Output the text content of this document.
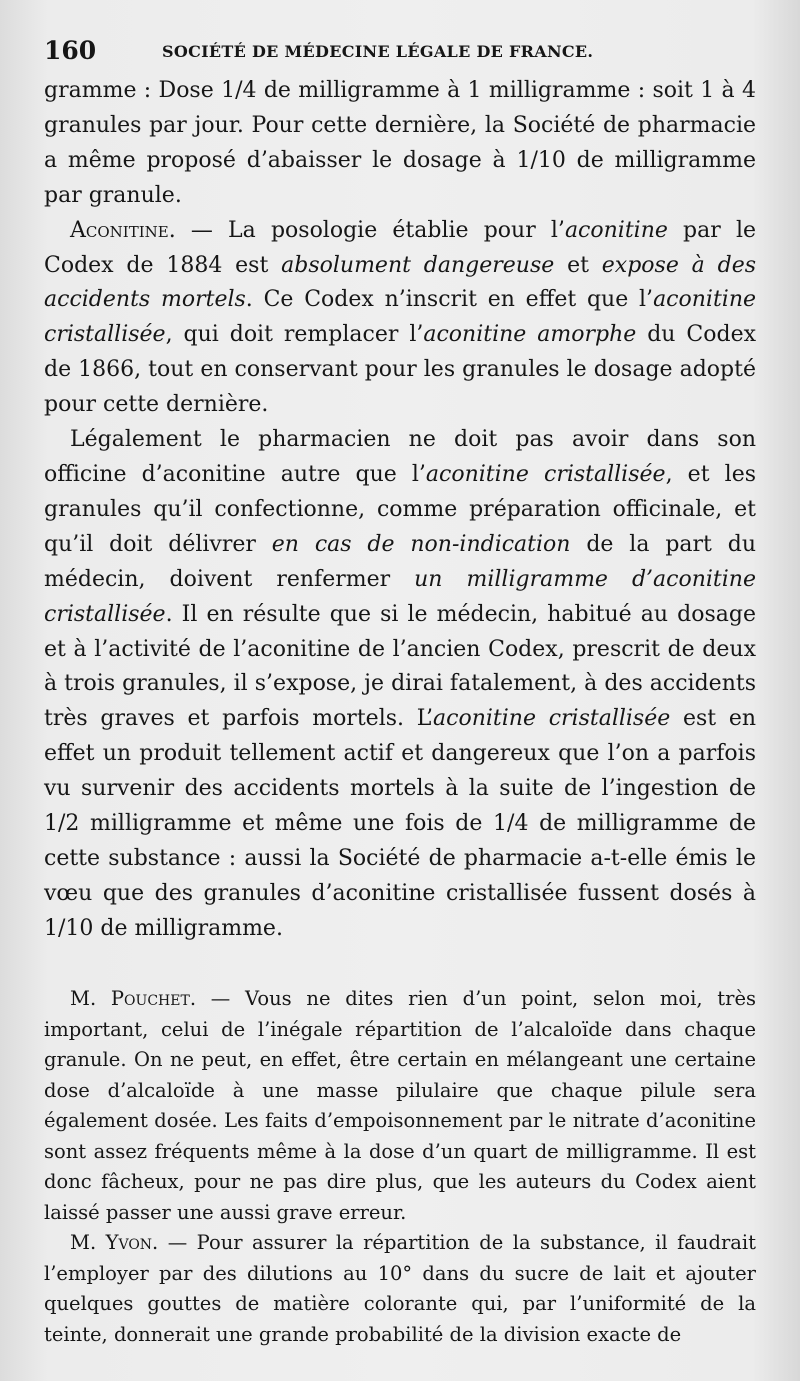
160	SOCIÉTÉ DE MÉDECINE LÉGALE DE FRANCE.

gramme : Dose 1/4 de milligramme à 1 milligramme : soit 1 à 4 granules par jour. Pour cette dernière, la Société de pharmacie a même proposé d’abaisser le dosage à 1/10 de milligramme par granule.

Aconitine. — La posologie établie pour l’aconitine par le Codex de 1884 est absolument dangereuse et expose à des accidents mortels. Ce Codex n’inscrit en effet que l’aconitine cristallisée, qui doit remplacer l’aconitine amorphe du Codex de 1866, tout en conservant pour les granules le dosage adopté pour cette dernière.

Légalement le pharmacien ne doit pas avoir dans son officine d’aconitine autre que l’aconitine cristallisée, et les granules qu’il confectionne, comme préparation officinale, et qu’il doit délivrer en cas de non-indication de la part du médecin, doivent renfermer un milligramme d’aconitine cristallisée. Il en résulte que si le médecin, habitué au dosage et à l’activité de l’aconitine de l’ancien Codex, prescrit de deux à trois granules, il s’expose, je dirai fatalement, à des accidents très graves et parfois mortels. L’aconitine cristallisée est en effet un produit tellement actif et dangereux que l’on a parfois vu survenir des accidents mortels à la suite de l’ingestion de 1/2 milligramme et même une fois de 1/4 de milligramme de cette substance : aussi la Société de pharmacie a-t-elle émis le vœu que des granules d’aconitine cristallisée fussent dosés à 1/10 de milligramme.

M. Pouchet. — Vous ne dites rien d’un point, selon moi, très important, celui de l’inégale répartition de l’alcaloïde dans chaque granule. On ne peut, en effet, être certain en mélangeant une certaine dose d’alcaloïde à une masse pilulaire que chaque pilule sera également dosée. Les faits d’empoisonnement par le nitrate d’aconitine sont assez fréquents même à la dose d’un quart de milligramme. Il est donc fâcheux, pour ne pas dire plus, que les auteurs du Codex aient laissé passer une aussi grave erreur.

M. Yvon. — Pour assurer la répartition de la substance, il faudrait l’employer par des dilutions au 10° dans du sucre de lait et ajouter quelques gouttes de matière colorante qui, par l’uniformité de la teinte, donnerait une grande probabilité de la division exacte de
